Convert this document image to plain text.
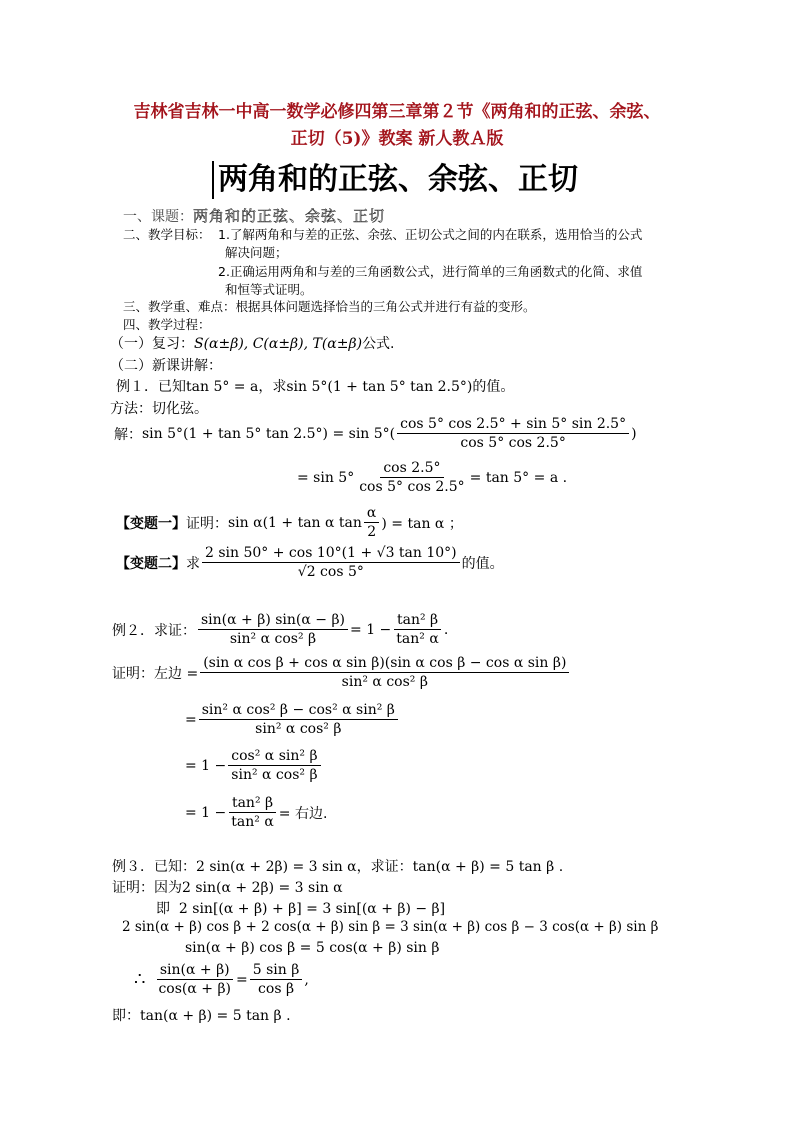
吉林省吉林一中高一数学必修四第三章第２节《两角和的正弦、余弦、
正切（5)》教案 新人教Ａ版
两角和的正弦、余弦、正切
一、课题：两角和的正弦、余弦、正切
二、教学目标： 1.了解两角和与差的正弦、余弦、正切公式之间的内在联系，选用恰当的公式
解决问题；
2.正确运用两角和与差的三角函数公式，进行简单的三角函数式的化简、求值
和恒等式证明。
三、教学重、难点：根据具体问题选择恰当的三角公式并进行有益的变形。
四、教学过程：
（一）复习：S(α±β), C(α±β), T(α±β)公式.
（二）新课讲解：
例１．已知tan 5° = a，求sin 5°(1 + tan 5° tan 2.5°)的值。
方法：切化弦。
解： sin 5°(1 + tan 5° $\tan 2.5^\circ) = \sin 5^\circ( \frac{\cos 5^\circ \cos 2.5^\circ + \sin 5^\circ \sin 2.5^\circ}{\cos 5^\circ \cos 2.5^\circ}$ )
= $\sin 5^\circ \frac{\cos 2.5^\circ}{\cos 5^\circ \cos 2.5^\circ} = \tan 5^\circ = a$ .
【变题一】 证明： sin α(1 + tan α $\tan \frac{\alpha}{2}$ ) = tan α ；
【变题二】 求 $\frac{2 \sin 50^\circ + \cos 10^\circ(1 + √3 \tan 10^\circ)}{√2 \cos 5^\circ}$ 的值。
例２．求证： $\frac{\sin(\alpha + \beta) \sin(\alpha - \beta)}{\text{sin² α cos² β}} = 1 - \frac{\text{tan² β}}{\text{tan² α}}$ .
证明：左边 = $\frac{\text{(sin α cos β + cos α sin β)(sin α cos β − cos α sin β)}}{\text{sin² α cos² β}}$
= $\frac{\text{sin² α cos² β − cos² α sin² β}}{\text{sin² α cos² β}}$
= $1 - \frac{\text{cos² α sin² β}}{\text{sin² α cos² β}}$
= $1 - \frac{\text{tan² β}}{\text{tan² α}}$ = 右边.
例３．已知：2 sin(α + 2β) = 3 sin α，求证：tan(α + β) = 5 tan β .
证明：因为2 sin(α + 2β) = 3 sin α
即 2 sin[(α + β) + β] = 3 sin[(α + β) − β]
2 sin(α + β) cos β + 2 cos(α + β) sin β = 3 sin(α + β) cos β − 3 cos(α + β) sin β
sin(α + β) cos β = 5 cos(α + β) sin β
∴ $\frac{\sin(\alpha + \beta)}{\cos(\alpha + \beta)} = \frac{\text{5 sin β}}{\text{cos β}}$ ,
即：tan(α + β) = 5 tan β .
